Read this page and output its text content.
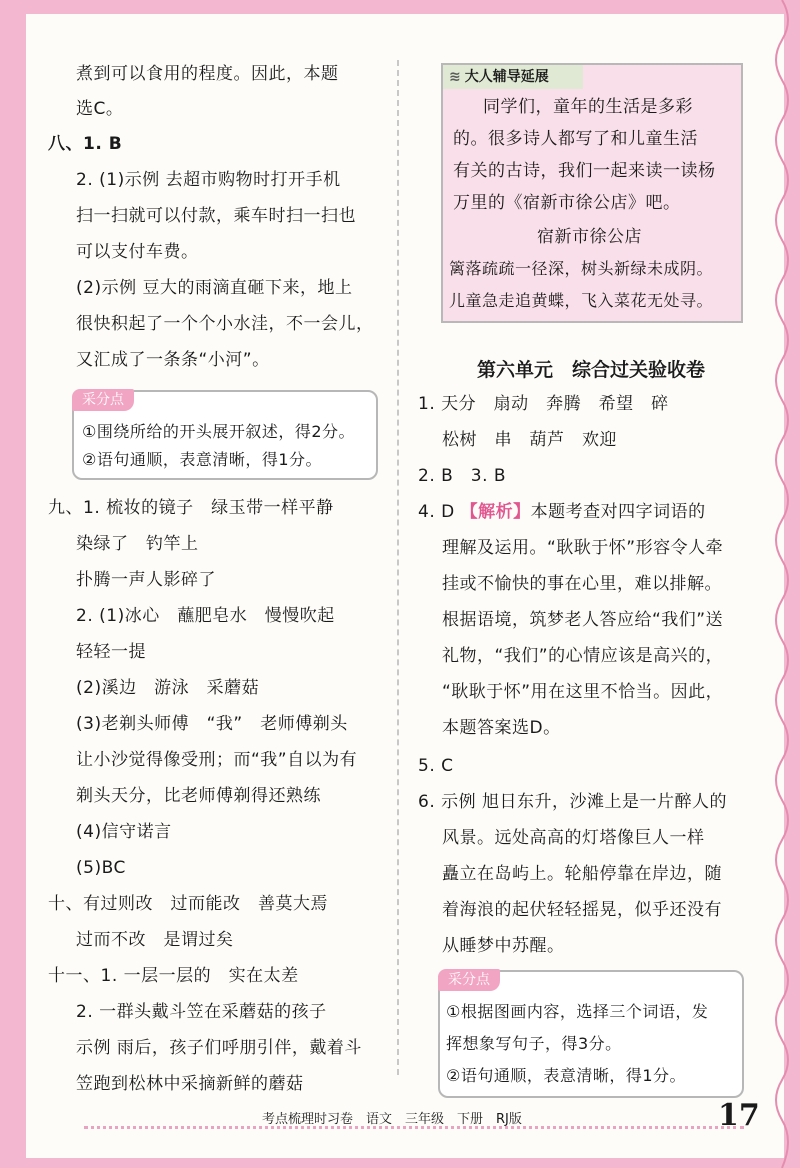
煮到可以食用的程度。因此，本题
选C。
八、1. B
2. (1)示例 去超市购物时打开手机
扫一扫就可以付款，乘车时扫一扫也
可以支付车费。
(2)示例 豆大的雨滴直砸下来，地上
很快积起了一个个小水洼，不一会儿，
又汇成了一条条“小河”。
采分点
①围绕所给的开头展开叙述，得2分。
②语句通顺，表意清晰，得1分。
九、1. 梳妆的镜子　绿玉带一样平静
染绿了　钓竿上
扑腾一声人影碎了
2. (1)冰心　蘸肥皂水　慢慢吹起
轻轻一提
(2)溪边　游泳　采蘑菇
(3)老剃头师傅　“我”　老师傅剃头
让小沙觉得像受刑；而“我”自以为有
剃头天分，比老师傅剃得还熟练
(4)信守诺言
(5)BC
十、有过则改　过而能改　善莫大焉
过而不改　是谓过矣
十一、1. 一层一层的　实在太差
2. 一群头戴斗笠在采蘑菇的孩子
示例 雨后，孩子们呼朋引伴，戴着斗
笠跑到松林中采摘新鲜的蘑菇
≋ 大人辅导延展
同学们，童年的生活是多彩
的。很多诗人都写了和儿童生活
有关的古诗，我们一起来读一读杨
万里的《宿新市徐公店》吧。
宿新市徐公店
篱落疏疏一径深，树头新绿未成阴。
儿童急走追黄蝶，飞入菜花无处寻。
第六单元　综合过关验收卷
1. 天分　扇动　奔腾　希望　碎
松树　串　葫芦　欢迎
2. B　3. B
4. D 【解析】本题考查对四字词语的
理解及运用。“耿耿于怀”形容令人牵
挂或不愉快的事在心里，难以排解。
根据语境，筑梦老人答应给“我们”送
礼物，“我们”的心情应该是高兴的，
“耿耿于怀”用在这里不恰当。因此，
本题答案选D。
5. C
6. 示例 旭日东升，沙滩上是一片醉人的
风景。远处高高的灯塔像巨人一样
矗立在岛屿上。轮船停靠在岸边，随
着海浪的起伏轻轻摇晃，似乎还没有
从睡梦中苏醒。
采分点
①根据图画内容，选择三个词语，发
挥想象写句子，得3分。
②语句通顺，表意清晰，得1分。
考点梳理时习卷　语文　三年级　下册　RJ版	17
